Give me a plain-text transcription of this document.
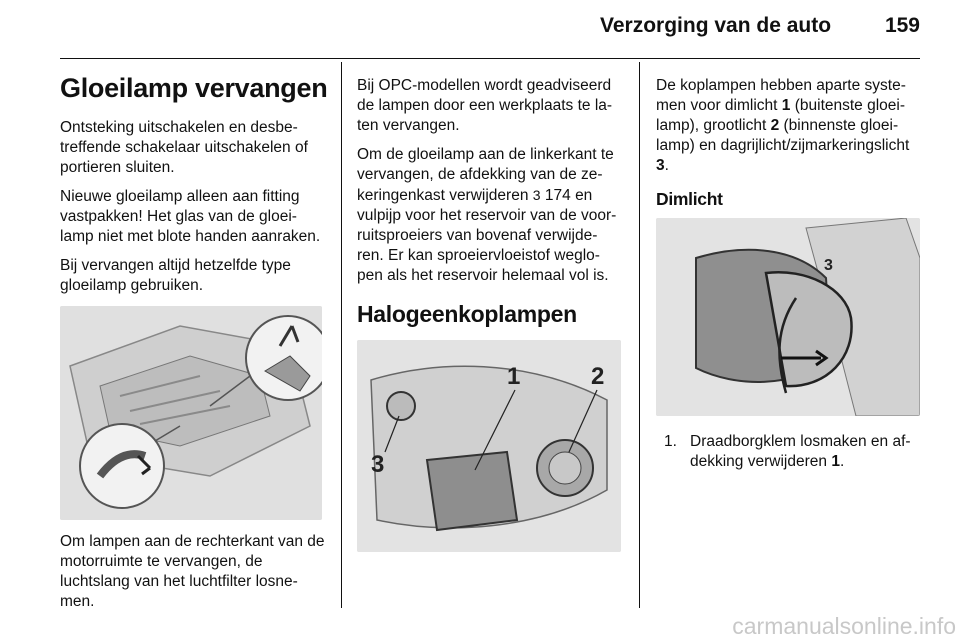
Verzorging van de auto	159
Gloeilamp vervangen

Ontsteking uitschakelen en desbe-treffende schakelaar uitschakelen of portieren sluiten.

Nieuwe gloeilamp alleen aan fitting vastpakken! Het glas van de gloei-lamp niet met blote handen aanraken.

Bij vervangen altijd hetzelfde type gloeilamp gebruiken.

Om lampen aan de rechterkant van de motorruimte te vervangen, de luchtslang van het luchtfilter losne-men.

Bij OPC-modellen wordt geadviseerd de lampen door een werkplaats te la-ten vervangen.

Om de gloeilamp aan de linkerkant te vervangen, de afdekking van de ze-keringenkast verwijderen 3 174 en vulpijp voor het reservoir van de voor-ruitsproeiers van bovenaf verwijde-ren. Er kan sproeiervloeistof weglo-pen als het reservoir helemaal vol is.

Halogeenkoplampen
1	2
3

De koplampen hebben aparte syste-men voor dimlicht 1 (buitenste gloei-lamp), grootlicht 2 (binnenste gloei-lamp) en dagrijlicht/zijmarkeringslicht 3.

Dimlicht
3
1. Draadborgklem losmaken en af-dekking verwijderen 1.
carmanualsonline.info
